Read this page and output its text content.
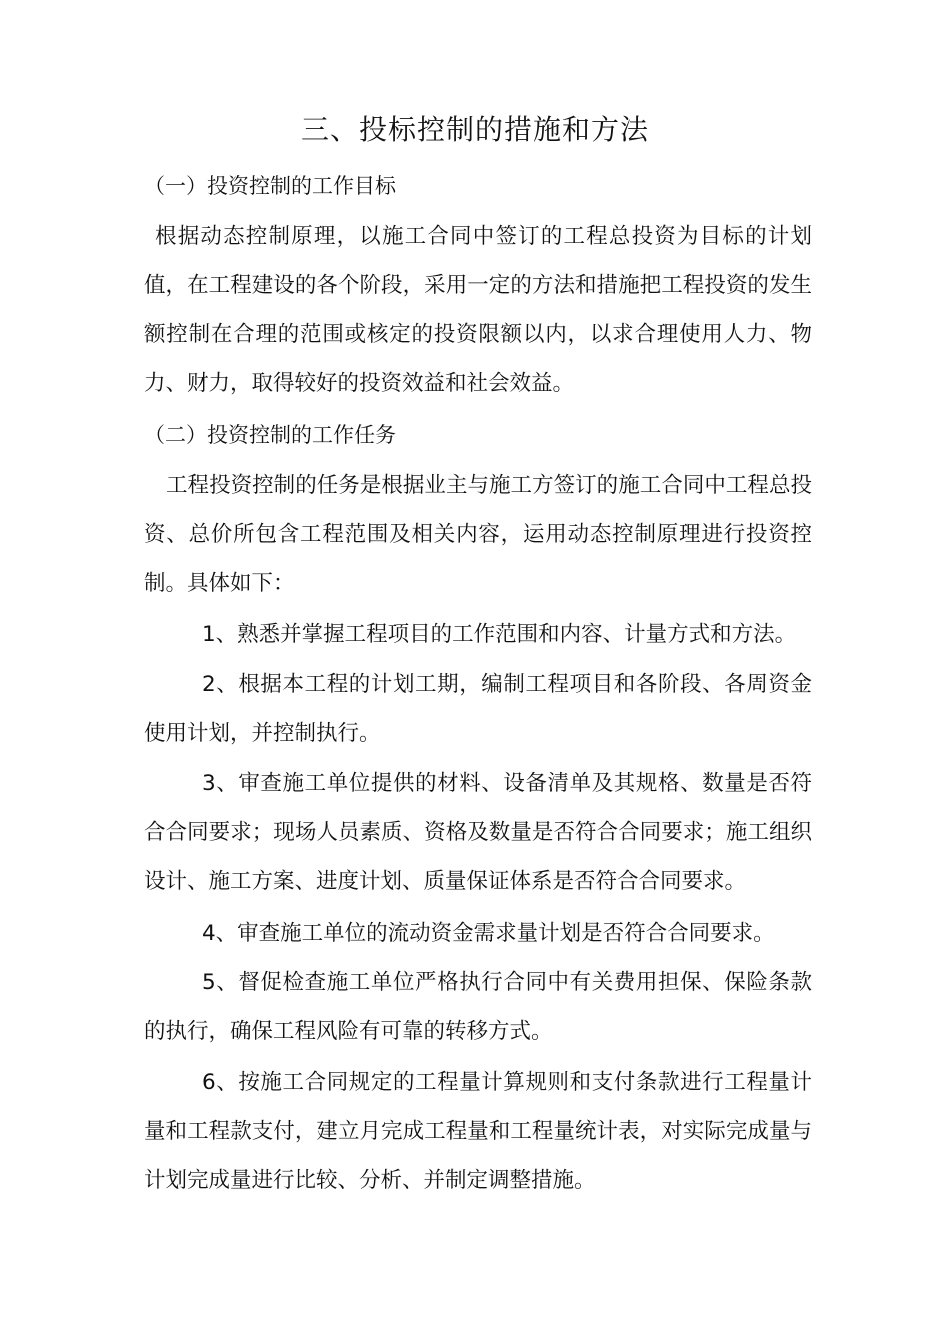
三、投标控制的措施和方法
（一）投资控制的工作目标

根据动态控制原理，以施工合同中签订的工程总投资为目标的计划值，在工程建设的各个阶段，采用一定的方法和措施把工程投资的发生额控制在合理的范围或核定的投资限额以内，以求合理使用人力、物力、财力，取得较好的投资效益和社会效益。

（二）投资控制的工作任务

工程投资控制的任务是根据业主与施工方签订的施工合同中工程总投资、总价所包含工程范围及相关内容，运用动态控制原理进行投资控制。具体如下：

1、熟悉并掌握工程项目的工作范围和内容、计量方式和方法。

2、根据本工程的计划工期，编制工程项目和各阶段、各周资金使用计划，并控制执行。

3、审查施工单位提供的材料、设备清单及其规格、数量是否符合合同要求；现场人员素质、资格及数量是否符合合同要求；施工组织设计、施工方案、进度计划、质量保证体系是否符合合同要求。

4、审查施工单位的流动资金需求量计划是否符合合同要求。

5、督促检查施工单位严格执行合同中有关费用担保、保险条款的执行，确保工程风险有可靠的转移方式。

6、按施工合同规定的工程量计算规则和支付条款进行工程量计量和工程款支付，建立月完成工程量和工程量统计表，对实际完成量与计划完成量进行比较、分析、并制定调整措施。
